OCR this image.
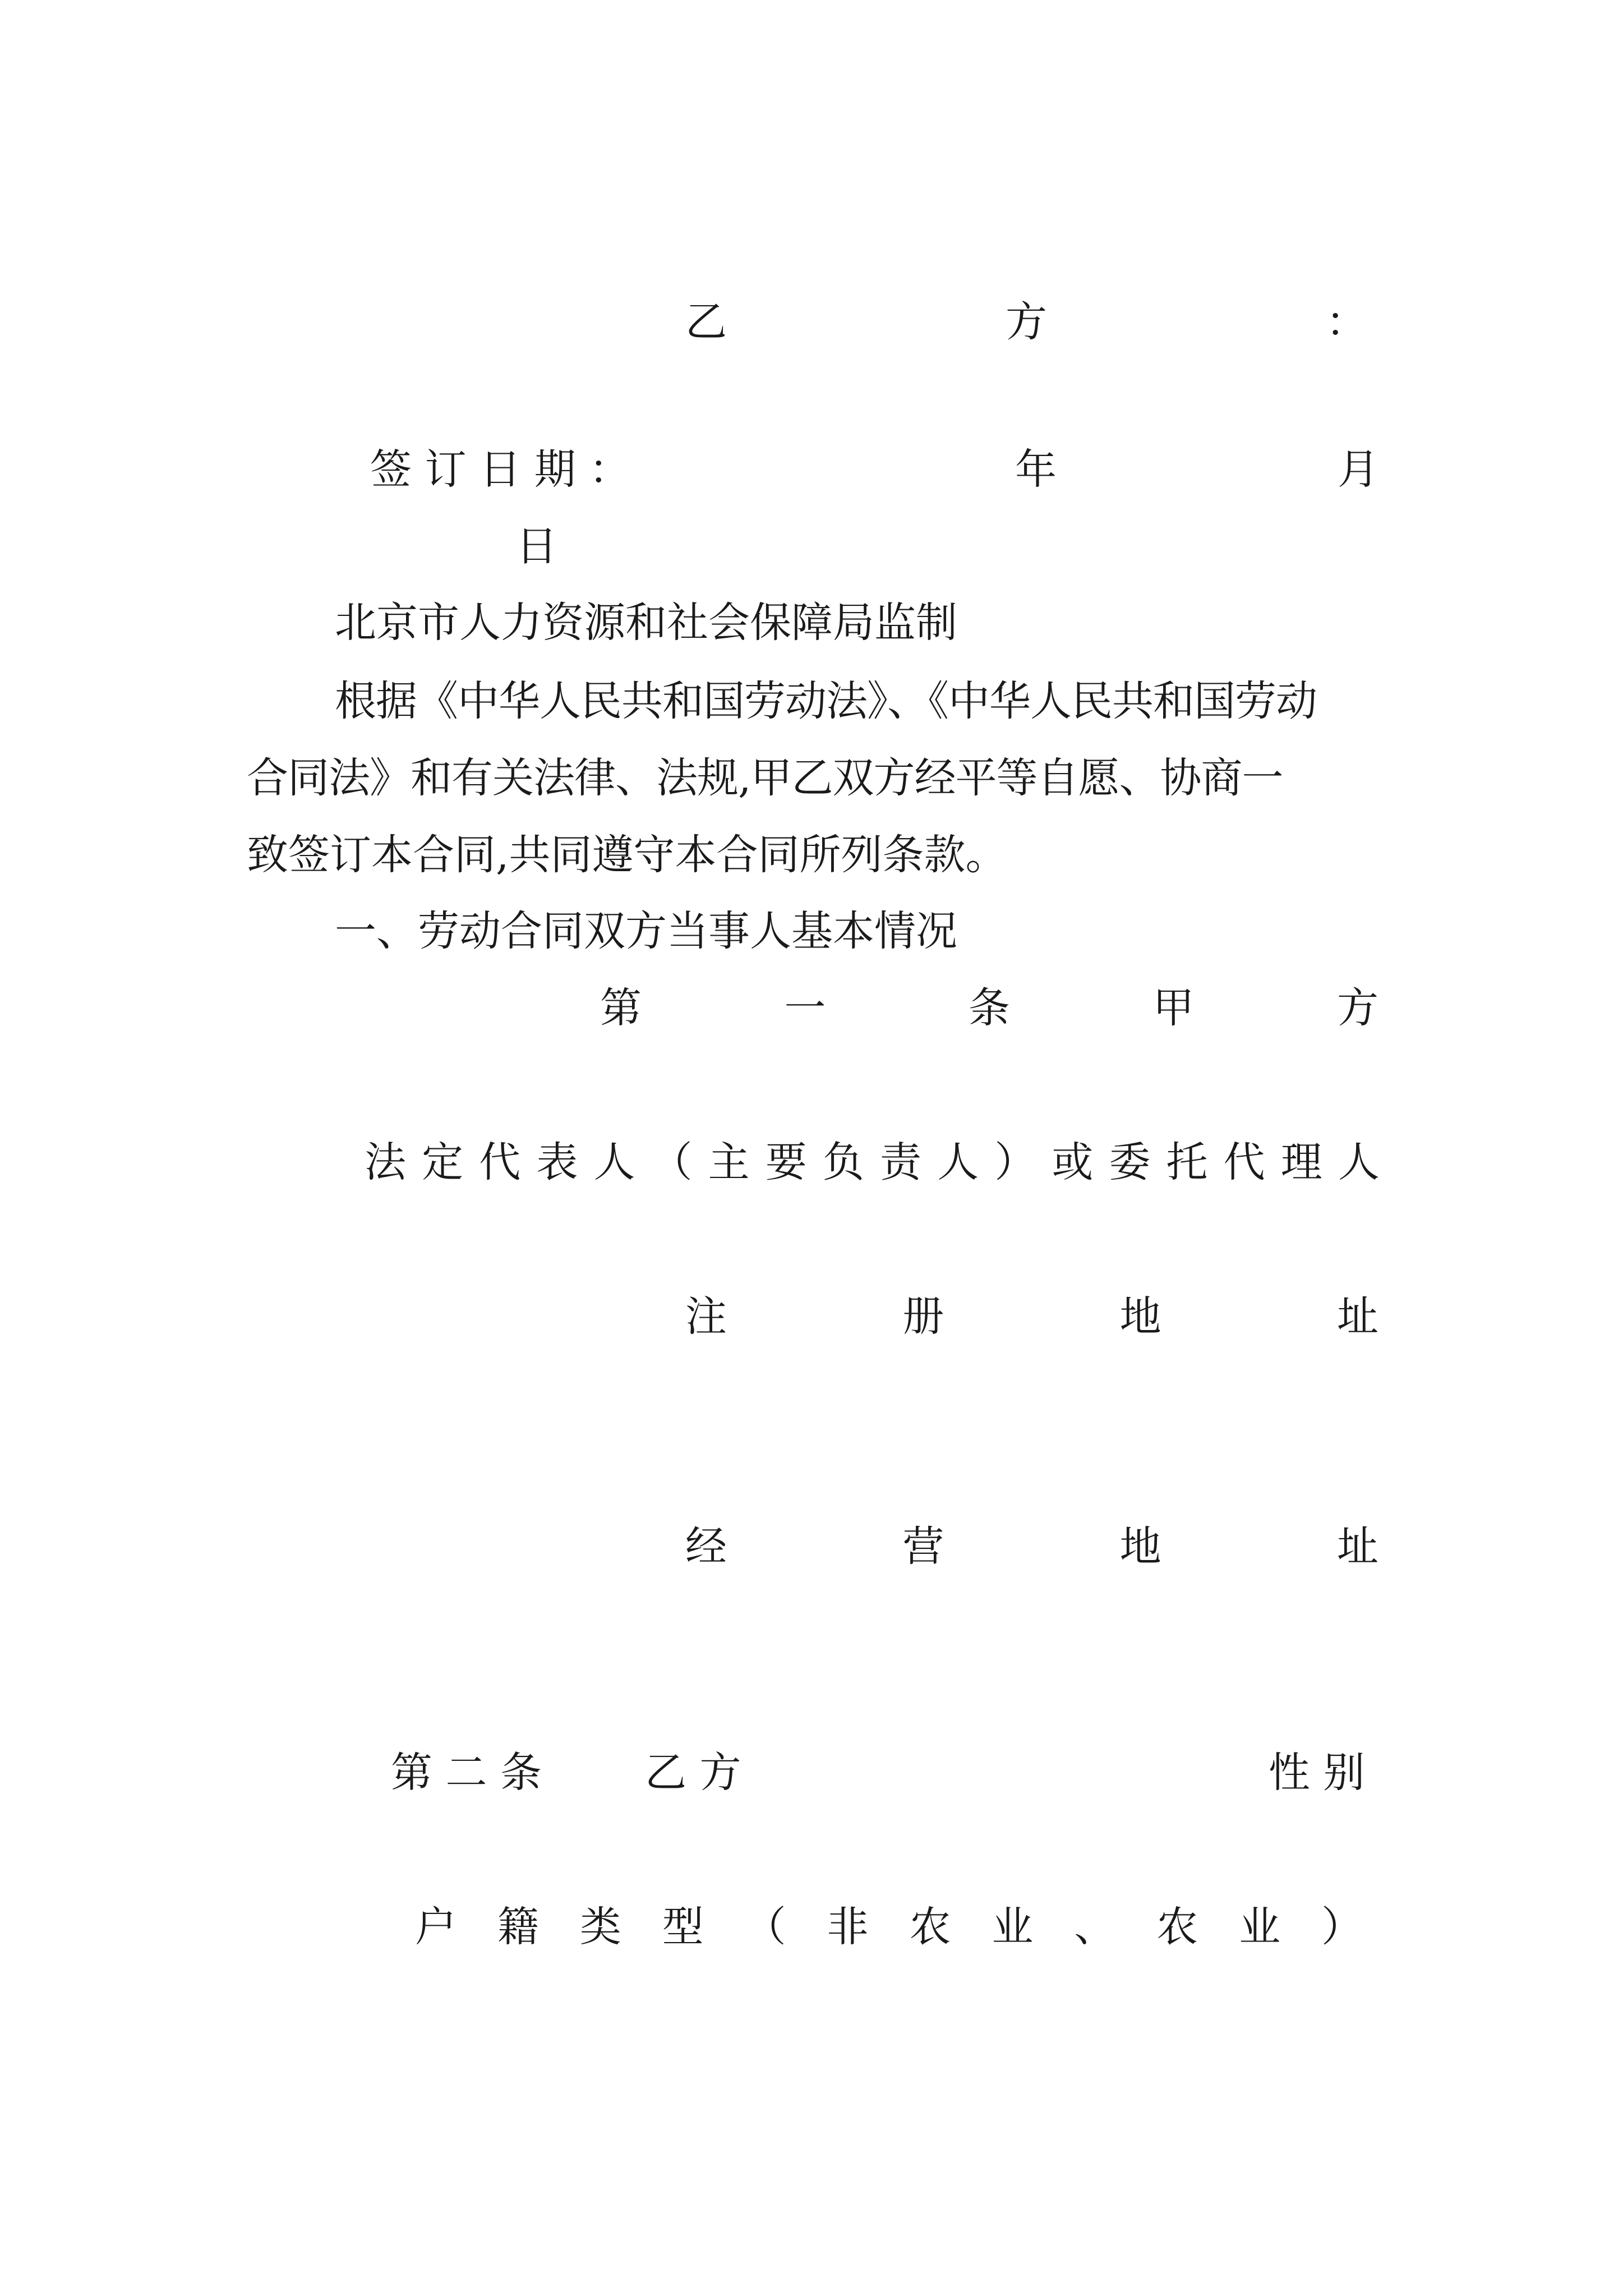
乙	方	：
签 订 日 期 ：	年	月
日
北京市人力资源和社会保障局监制
根据《中华人民共和国劳动法》、《中华人民共和国劳动
合同法》和有关法律、法规,甲乙双方经平等自愿、协商一
致签订本合同,共同遵守本合同所列条款。
一、劳动合同双方当事人基本情况
第	一	条	甲	方
法 定 代 表 人 （ 主 要 负 责 人 ） 或 委 托 代 理 人
注	册	地	址
经	营	地	址
第 二 条 乙 方	性 别
户 籍 类 型 （ 非 农 业 、 农 业 ）
